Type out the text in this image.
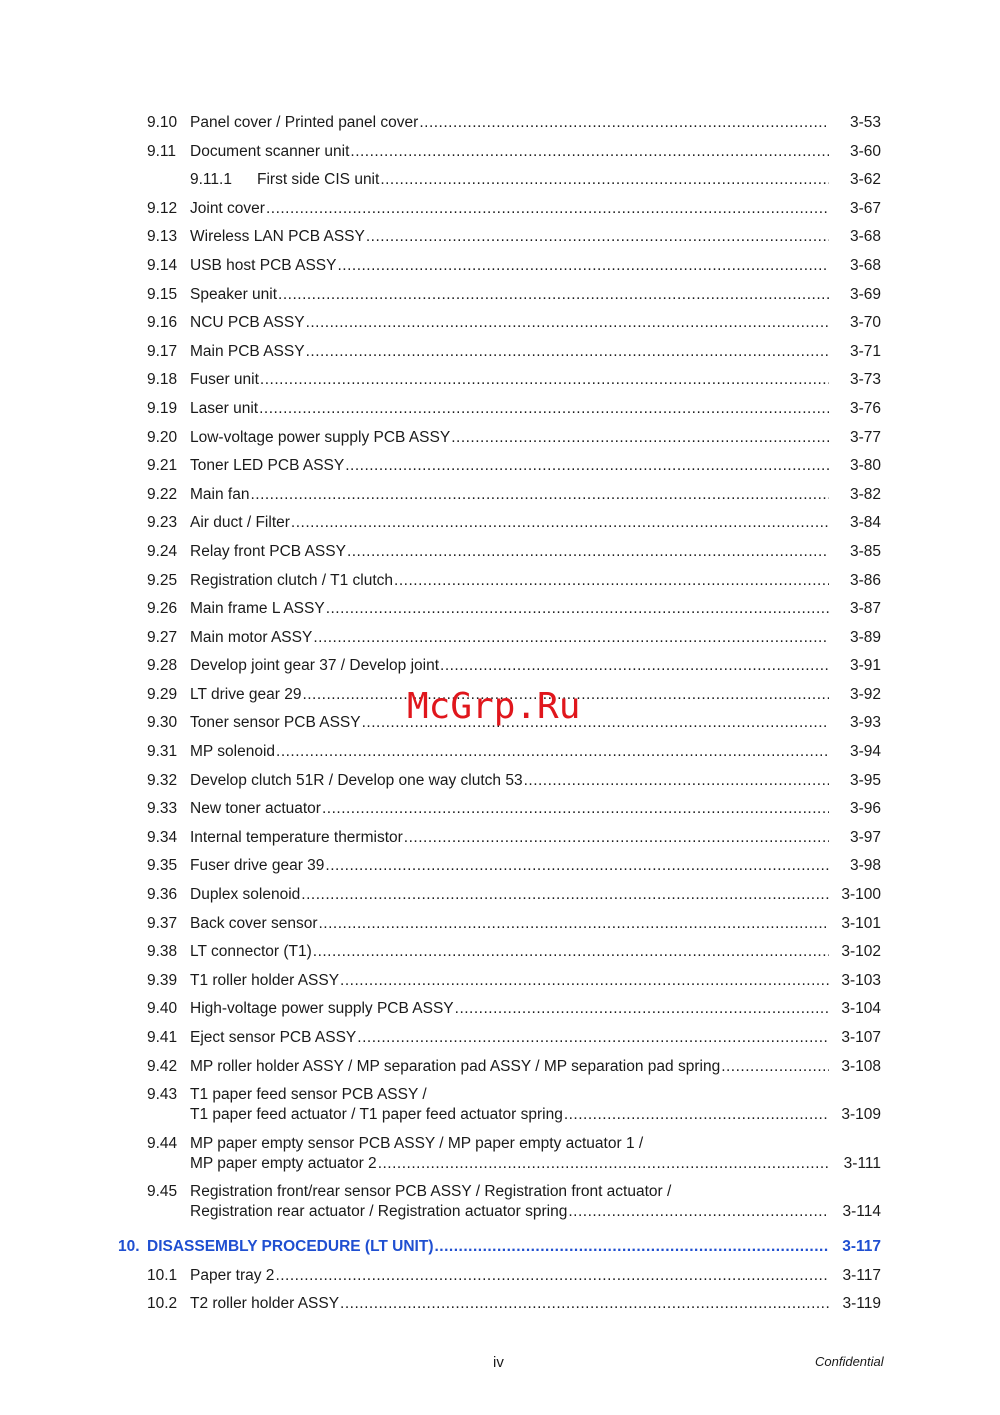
9.10 Panel cover / Printed panel cover .....	3-53
9.11 Document scanner unit .....	3-60
9.11.1 First side CIS unit .....	3-62
9.12 Joint cover .....	3-67
9.13 Wireless LAN PCB ASSY .....	3-68
9.14 USB host PCB ASSY .....	3-68
9.15 Speaker unit .....	3-69
9.16 NCU PCB ASSY .....	3-70
9.17 Main PCB ASSY .....	3-71
9.18 Fuser unit .....	3-73
9.19 Laser unit .....	3-76
9.20 Low-voltage power supply PCB ASSY .....	3-77
9.21 Toner LED PCB ASSY .....	3-80
9.22 Main fan .....	3-82
9.23 Air duct / Filter .....	3-84
9.24 Relay front PCB ASSY .....	3-85
9.25 Registration clutch / T1 clutch .....	3-86
9.26 Main frame L ASSY .....	3-87
9.27 Main motor ASSY .....	3-89
9.28 Develop joint gear 37 / Develop joint .....	3-91
9.29 LT drive gear 29 .....	3-92
9.30 Toner sensor PCB ASSY .....	3-93
9.31 MP solenoid .....	3-94
9.32 Develop clutch 51R / Develop one way clutch 53 .....	3-95
9.33 New toner actuator .....	3-96
9.34 Internal temperature thermistor .....	3-97
9.35 Fuser drive gear 39 .....	3-98
9.36 Duplex solenoid .....	3-100
9.37 Back cover sensor .....	3-101
9.38 LT connector (T1) .....	3-102
9.39 T1 roller holder ASSY .....	3-103
9.40 High-voltage power supply PCB ASSY .....	3-104
9.41 Eject sensor PCB ASSY .....	3-107
9.42 MP roller holder ASSY / MP separation pad ASSY / MP separation pad spring .....	3-108
9.43 T1 paper feed sensor PCB ASSY /
T1 paper feed actuator / T1 paper feed actuator spring .....	3-109
9.44 MP paper empty sensor PCB ASSY / MP paper empty actuator 1 /
MP paper empty actuator 2 .....	3-111
9.45 Registration front/rear sensor PCB ASSY / Registration front actuator /
Registration rear actuator / Registration actuator spring .....	3-114
10. DISASSEMBLY PROCEDURE (LT UNIT) .....	3-117
10.1 Paper tray 2 .....	3-117
10.2 T2 roller holder ASSY .....	3-119
McGrp.Ru
iv	Confidential
